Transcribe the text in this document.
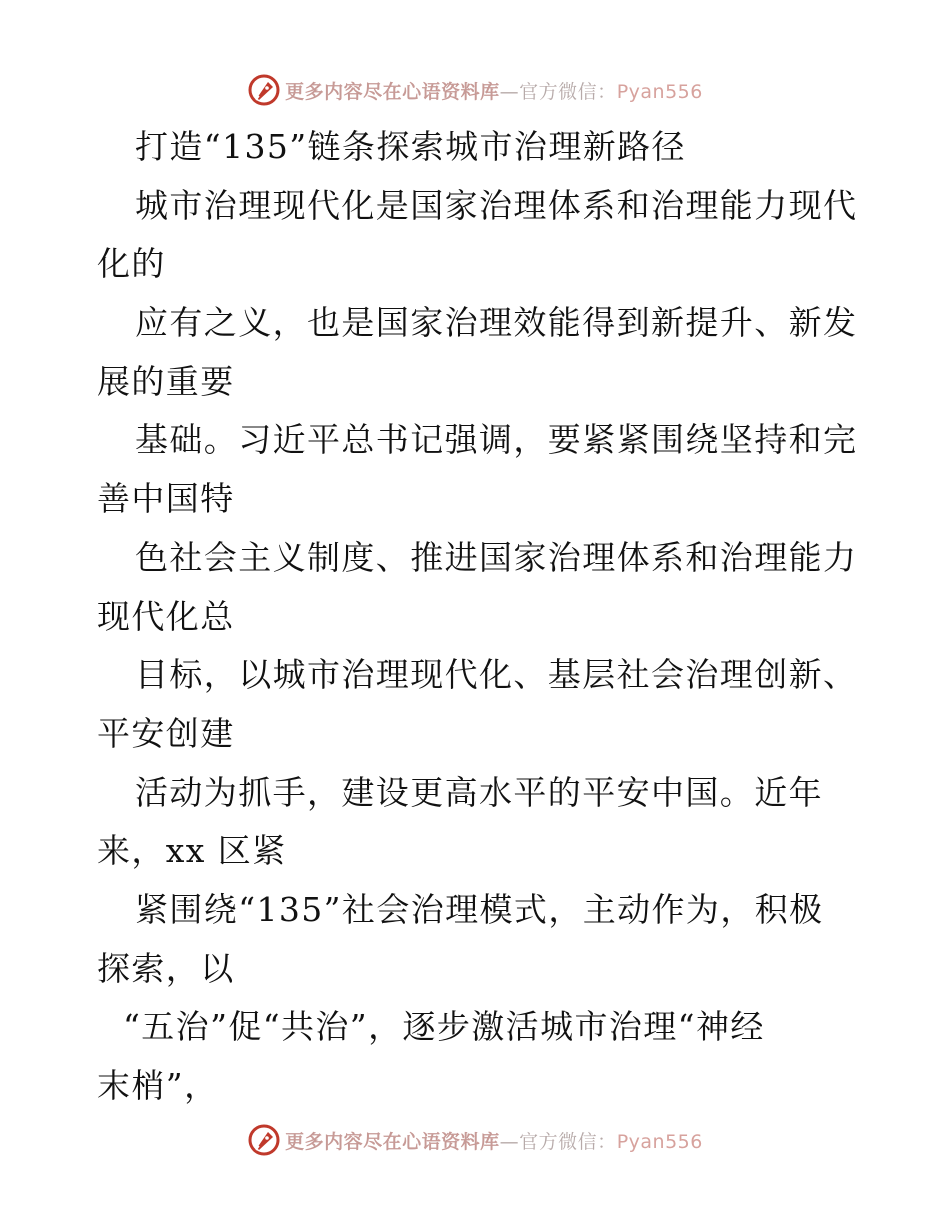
更多内容尽在心语资料库—官方微信：Pyan556
打造“135”链条探索城市治理新路径
城市治理现代化是国家治理体系和治理能力现代
化的
应有之义，也是国家治理效能得到新提升、新发
展的重要
基础。习近平总书记强调，要紧紧围绕坚持和完
善中国特
色社会主义制度、推进国家治理体系和治理能力
现代化总
目标，以城市治理现代化、基层社会治理创新、
平安创建
活动为抓手，建设更高水平的平安中国。近年
来，xx 区紧
紧围绕“135”社会治理模式，主动作为，积极
探索，以
“五治”促“共治”，逐步激活城市治理“神经
末梢”，
更多内容尽在心语资料库—官方微信：Pyan556
